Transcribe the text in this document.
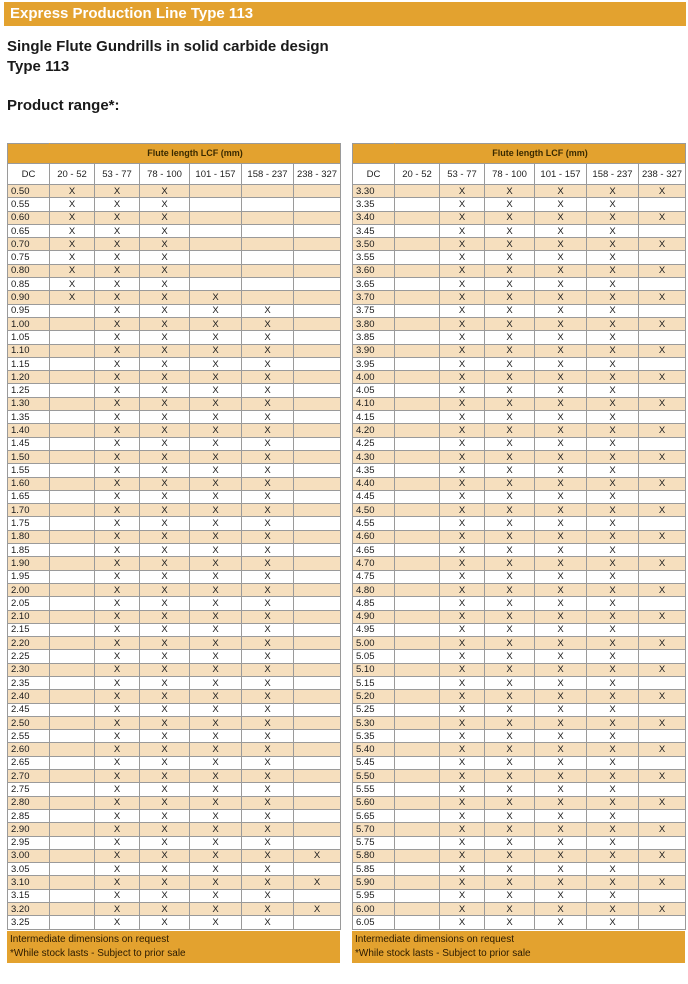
Express Production Line Type 113
Single Flute Gundrills in solid carbide design
Type 113
Product range*:
	Flute length LCF (mm)					
DC	20 - 52	53 - 77	78 - 100	101 - 157	158 - 237	238 - 327
0.50	X	X	X			
0.55	X	X	X			
0.60	X	X	X			
0.65	X	X	X			
0.70	X	X	X			
0.75	X	X	X			
0.80	X	X	X			
0.85	X	X	X			
0.90	X	X	X	X		
0.95		X	X	X	X	
1.00		X	X	X	X	
1.05		X	X	X	X	
1.10		X	X	X	X	
1.15		X	X	X	X	
1.20		X	X	X	X	
1.25		X	X	X	X	
1.30		X	X	X	X	
1.35		X	X	X	X	
1.40		X	X	X	X	
1.45		X	X	X	X	
1.50		X	X	X	X	
1.55		X	X	X	X	
1.60		X	X	X	X	
1.65		X	X	X	X	
1.70		X	X	X	X	
1.75		X	X	X	X	
1.80		X	X	X	X	
1.85		X	X	X	X	
1.90		X	X	X	X	
1.95		X	X	X	X	
2.00		X	X	X	X	
2.05		X	X	X	X	
2.10		X	X	X	X	
2.15		X	X	X	X	
2.20		X	X	X	X	
2.25		X	X	X	X	
2.30		X	X	X	X	
2.35		X	X	X	X	
2.40		X	X	X	X	
2.45		X	X	X	X	
2.50		X	X	X	X	
2.55		X	X	X	X	
2.60		X	X	X	X	
2.65		X	X	X	X	
2.70		X	X	X	X	
2.75		X	X	X	X	
2.80		X	X	X	X	
2.85		X	X	X	X	
2.90		X	X	X	X	
2.95		X	X	X	X	
3.00		X	X	X	X	X
3.05		X	X	X	X	
3.10		X	X	X	X	X
3.15		X	X	X	X	
3.20		X	X	X	X	X
3.25		X	X	X	X	
Intermediate dimensions on request
*While stock lasts - Subject to prior sale
	Flute length LCF (mm)					
DC	20 - 52	53 - 77	78 - 100	101 - 157	158 - 237	238 - 327
3.30		X	X	X	X	X
3.35		X	X	X	X	
3.40		X	X	X	X	X
3.45		X	X	X	X	
3.50		X	X	X	X	X
3.55		X	X	X	X	
3.60		X	X	X	X	X
3.65		X	X	X	X	
3.70		X	X	X	X	X
3.75		X	X	X	X	
3.80		X	X	X	X	X
3.85		X	X	X	X	
3.90		X	X	X	X	X
3.95		X	X	X	X	
4.00		X	X	X	X	X
4.05		X	X	X	X	
4.10		X	X	X	X	X
4.15		X	X	X	X	
4.20		X	X	X	X	X
4.25		X	X	X	X	
4.30		X	X	X	X	X
4.35		X	X	X	X	
4.40		X	X	X	X	X
4.45		X	X	X	X	
4.50		X	X	X	X	X
4.55		X	X	X	X	
4.60		X	X	X	X	X
4.65		X	X	X	X	
4.70		X	X	X	X	X
4.75		X	X	X	X	
4.80		X	X	X	X	X
4.85		X	X	X	X	
4.90		X	X	X	X	X
4.95		X	X	X	X	
5.00		X	X	X	X	X
5.05		X	X	X	X	
5.10		X	X	X	X	X
5.15		X	X	X	X	
5.20		X	X	X	X	X
5.25		X	X	X	X	
5.30		X	X	X	X	X
5.35		X	X	X	X	
5.40		X	X	X	X	X
5.45		X	X	X	X	
5.50		X	X	X	X	X
5.55		X	X	X	X	
5.60		X	X	X	X	X
5.65		X	X	X	X	
5.70		X	X	X	X	X
5.75		X	X	X	X	
5.80		X	X	X	X	X
5.85		X	X	X	X	
5.90		X	X	X	X	X
5.95		X	X	X	X	
6.00		X	X	X	X	X
6.05		X	X	X	X	
Intermediate dimensions on request
*While stock lasts - Subject to prior sale
